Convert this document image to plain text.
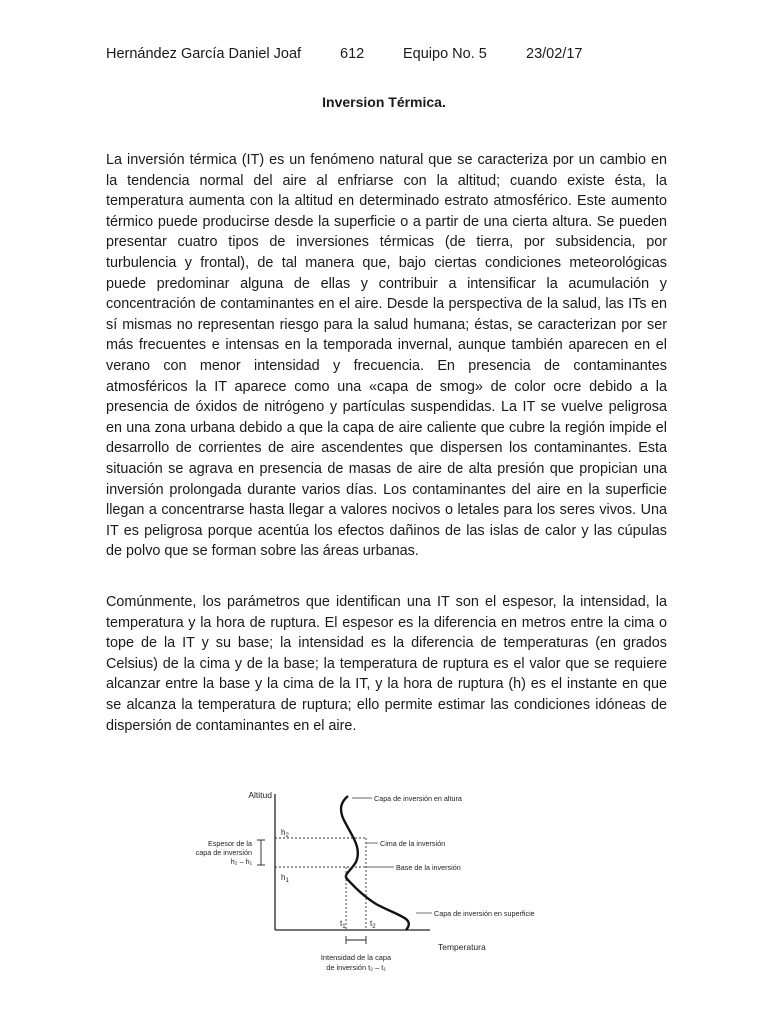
Hernández García Daniel Joaf	612	Equipo No. 5	23/02/17
Inversion Térmica.

La inversión térmica (IT) es un fenómeno natural que se caracteriza por un cambio en la tendencia normal del aire al enfriarse con la altitud; cuando existe ésta, la temperatura aumenta con la altitud en determinado estrato atmosférico. Este aumento térmico puede producirse desde la superficie o a partir de una cierta altura. Se pueden presentar cuatro tipos de inversiones térmicas (de tierra, por subsidencia, por turbulencia y frontal), de tal manera que, bajo ciertas condiciones meteorológicas puede predominar alguna de ellas y contribuir a intensificar la acumulación y concentración de contaminantes en el aire. Desde la perspectiva de la salud, las ITs en sí mismas no representan riesgo para la salud humana; éstas, se caracterizan por ser más frecuentes e intensas en la temporada invernal, aunque también aparecen en el verano con menor intensidad y frecuencia. En presencia de contaminantes atmosféricos la IT aparece como una «capa de smog» de color ocre debido a la presencia de óxidos de nitrógeno y partículas suspendidas. La IT se vuelve peligrosa en una zona urbana debido a que la capa de aire caliente que cubre la región impide el desarrollo de corrientes de aire ascendentes que dispersen los contaminantes. Esta situación se agrava en presencia de masas de aire de alta presión que propician una inversión prolongada durante varios días. Los contaminantes del aire en la superficie llegan a concentrarse hasta llegar a valores nocivos o letales para los seres vivos. Una IT es peligrosa porque acentúa los efectos dañinos de las islas de calor y las cúpulas de polvo que se forman sobre las áreas urbanas.

Comúnmente, los parámetros que identifican una IT son el espesor, la intensidad, la temperatura y la hora de ruptura. El espesor es la diferencia en metros entre la cima o tope de la IT y su base; la intensidad es la diferencia de temperaturas (en grados Celsius) de la cima y de la base; la temperatura de ruptura es el valor que se requiere alcanzar entre la base y la cima de la IT, y la hora de ruptura (h) es el instante en que se alcanza la temperatura de ruptura; ello permite estimar las condiciones idóneas de dispersión de contaminantes en el aire.

Altitud
Temperatura
$h_2$
$h_1$
$t_1$	$t_2$
Espesor de la
capa de inversión
h₂ – h₁
Capa de inversión en altura
Cima de la inversión
Base de la inversión
Capa de inversión en superficie
Intensidad de la capa
de inversión t₂ – t₁
